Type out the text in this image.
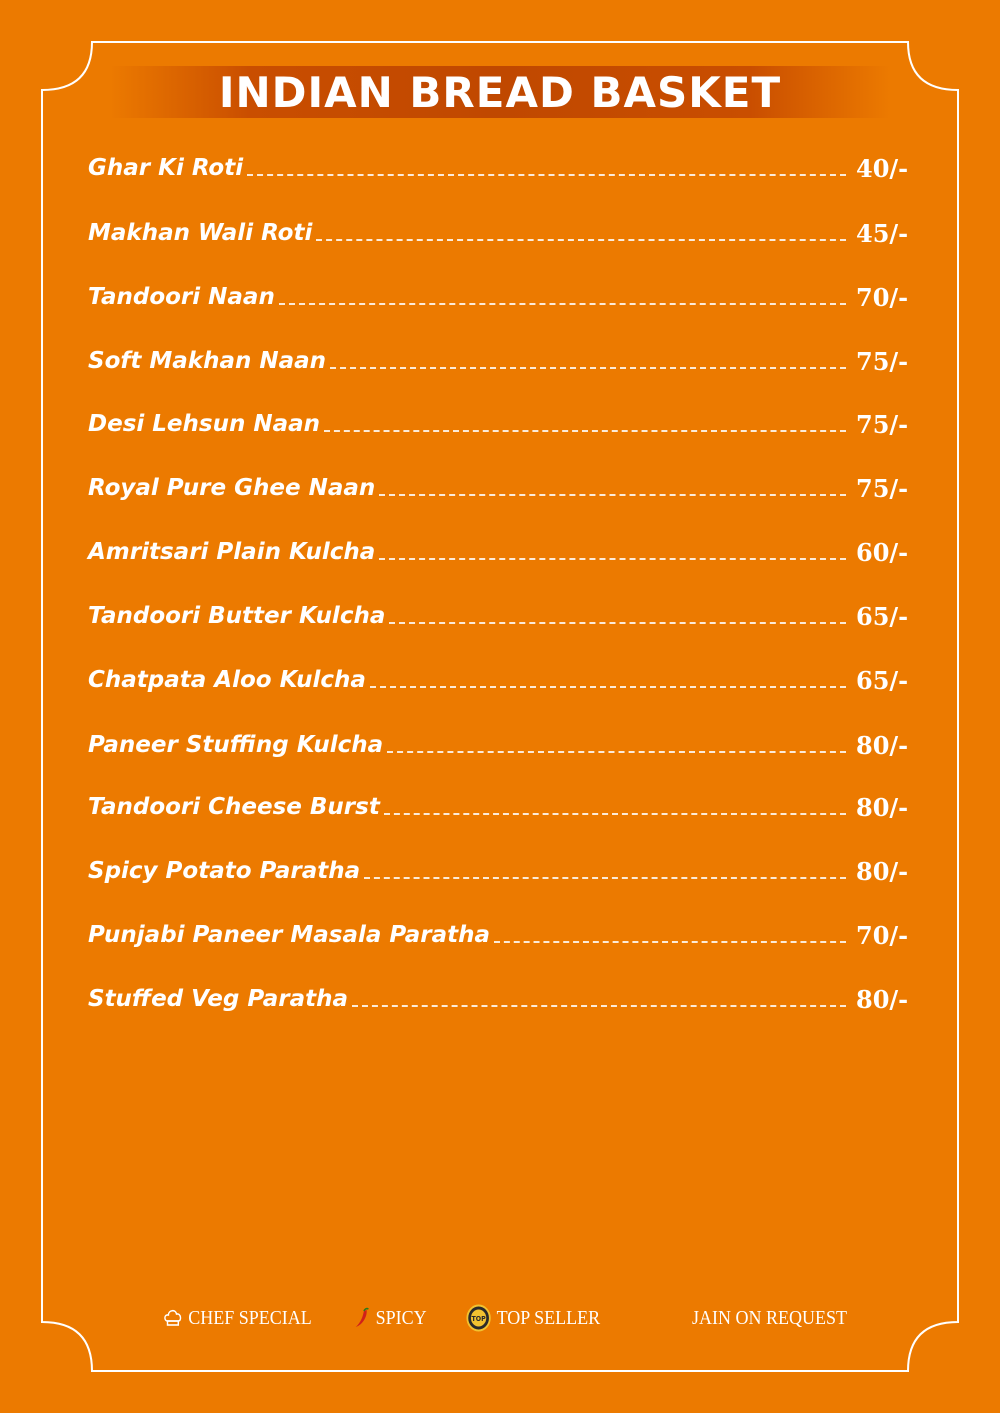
INDIAN BREAD BASKET
Ghar Ki Roti	40/-
Makhan Wali Roti	45/-
Tandoori Naan	70/-
Soft Makhan Naan	75/-
Desi Lehsun Naan	75/-
Royal Pure Ghee Naan	75/-
Amritsari Plain Kulcha	60/-
Tandoori Butter Kulcha	65/-
Chatpata Aloo Kulcha	65/-
Paneer Stuffing Kulcha	80/-
Tandoori Cheese Burst	80/-
Spicy Potato Paratha	80/-
Punjabi Paneer Masala Paratha	70/-
Stuffed Veg Paratha	80/-
CHEF SPECIAL	SPICY	TOP TOP SELLER	JAIN ON REQUEST
